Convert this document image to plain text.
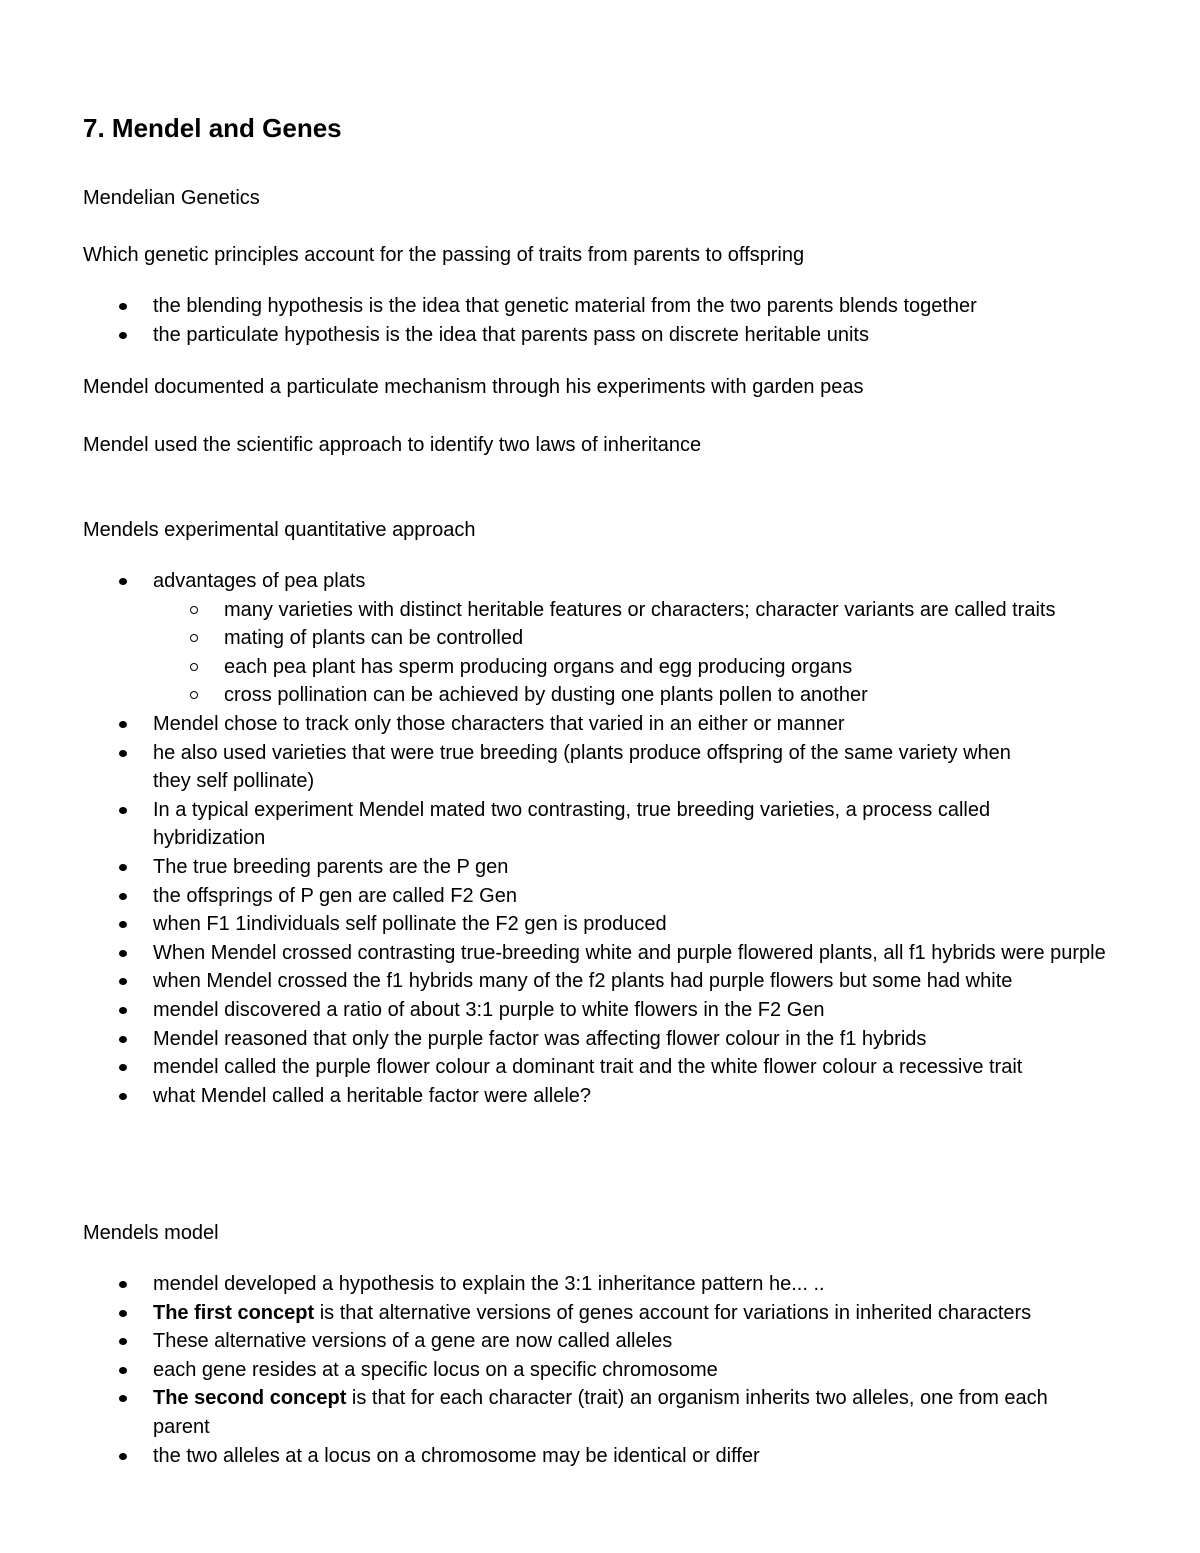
7. Mendel and Genes

Mendelian Genetics

Which genetic principles account for the passing of traits from parents to offspring

the blending hypothesis is the idea that genetic material from the two parents blends together
the particulate hypothesis is the idea that parents pass on discrete heritable units

Mendel documented a particulate mechanism through his experiments with garden peas

Mendel used the scientific approach to identify two laws of inheritance

Mendels experimental quantitative approach

advantages of pea plats
many varieties with distinct heritable features or characters; character variants are called traits
mating of plants can be controlled
each pea plant has sperm producing organs and egg producing organs
cross pollination can be achieved by dusting one plants pollen to another
Mendel chose to track only those characters that varied in an either or manner
he also used varieties that were true breeding (plants produce offspring of the same variety when they self pollinate)
In a typical experiment Mendel mated two contrasting, true breeding varieties, a process called hybridization
The true breeding parents are the P gen
the offsprings of P gen are called F2 Gen
when F1 1individuals self pollinate the F2 gen is produced
When Mendel crossed contrasting true-breeding white and purple flowered plants, all f1 hybrids were purple
when Mendel crossed the f1 hybrids many of the f2 plants had purple flowers but some had white
mendel discovered a ratio of about 3:1 purple to white flowers in the F2 Gen
Mendel reasoned that only the purple factor was affecting flower colour in the f1 hybrids
mendel called the purple flower colour a dominant trait and the white flower colour a recessive trait
what Mendel called a heritable factor were allele?

Mendels model

mendel developed a hypothesis to explain the 3:1 inheritance pattern he... ..
The first concept is that alternative versions of genes account for variations in inherited characters
These alternative versions of a gene are now called alleles
each gene resides at a specific locus on a specific chromosome
The second concept is that for each character (trait) an organism inherits two alleles, one from each parent
the two alleles at a locus on a chromosome may be identical or differ
